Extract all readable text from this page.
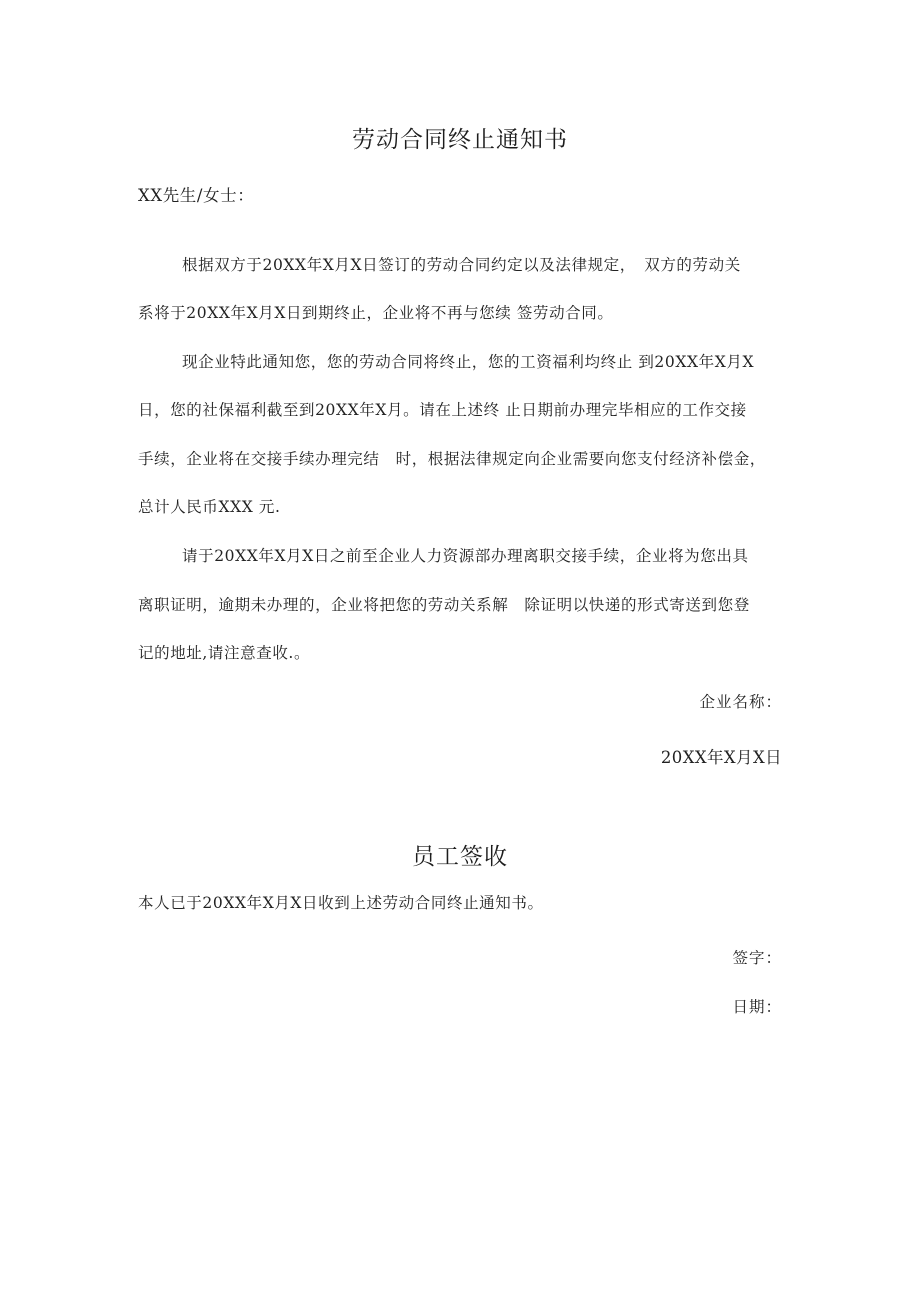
劳动合同终止通知书
XX先生/女士：
根据双方于20XX年X月X日签订的劳动合同约定以及法律规定，　双方的劳动关
系将于20XX年X月X日到期终止，企业将不再与您续 签劳动合同。
现企业特此通知您，您的劳动合同将终止，您的工资福利均终止 到20XX年X月X
日，您的社保福利截至到20XX年X月。请在上述终 止日期前办理完毕相应的工作交接
手续，企业将在交接手续办理完结　时，根据法律规定向企业需要向您支付经济补偿金，
总计人民币XXX 元.
请于20XX年X月X日之前至企业人力资源部办理离职交接手续，企业将为您出具
离职证明，逾期未办理的，企业将把您的劳动关系解　除证明以快递的形式寄送到您登
记的地址,请注意查收.。
企业名称：
20XX年X月X日
员工签收
本人已于20XX年X月X日收到上述劳动合同终止通知书。
签字：
日期：
